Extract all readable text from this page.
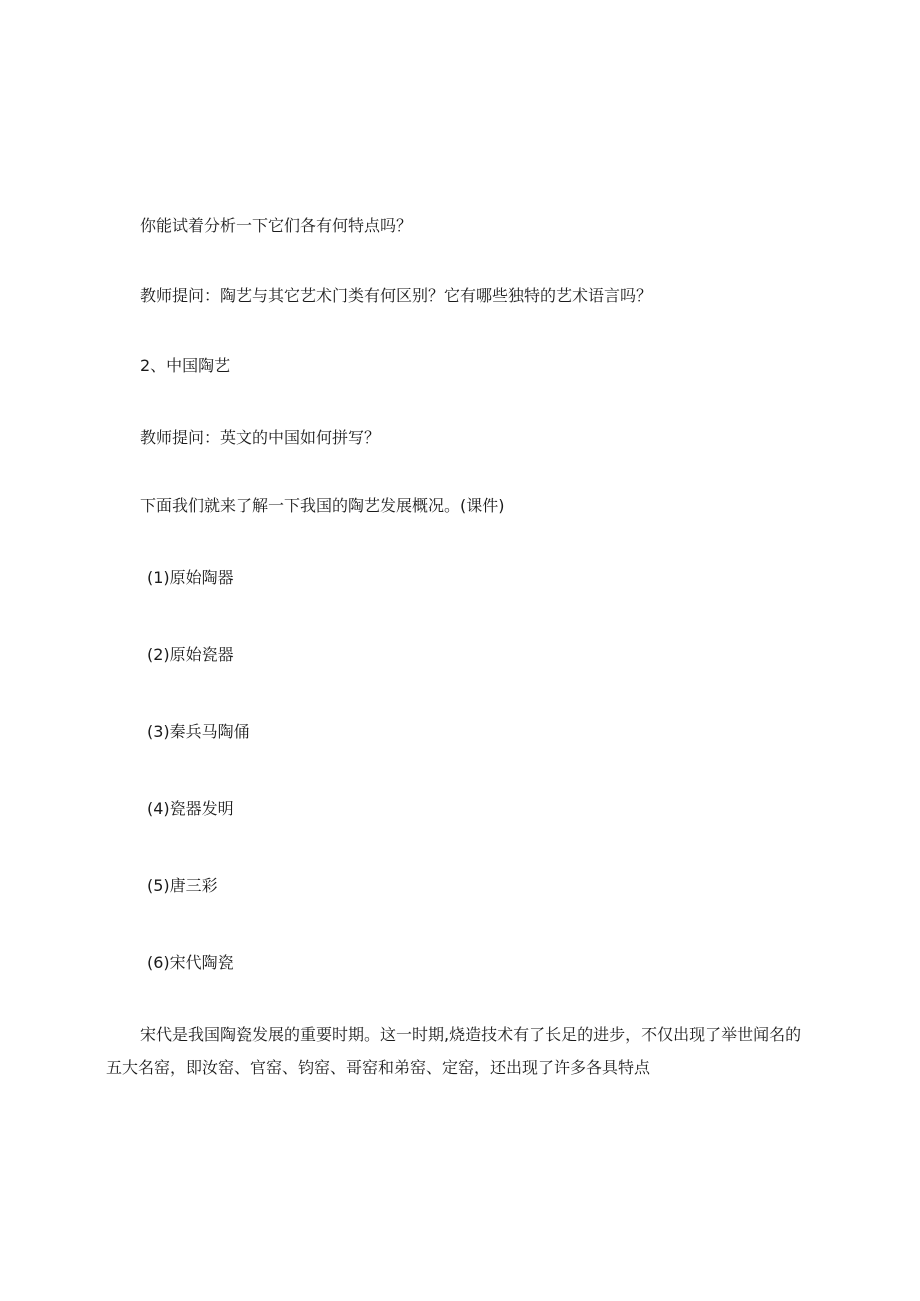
你能试着分析一下它们各有何特点吗？
教师提问：陶艺与其它艺术门类有何区别？它有哪些独特的艺术语言吗？
2、中国陶艺
教师提问：英文的中国如何拼写？
下面我们就来了解一下我国的陶艺发展概况。(课件)
(1)原始陶器
(2)原始瓷器
(3)秦兵马陶俑
(4)瓷器发明
(5)唐三彩
(6)宋代陶瓷
宋代是我国陶瓷发展的重要时期。这一时期,烧造技术有了长足的进步，不仅出现了举世闻名的五大名窑，即汝窑、官窑、钧窑、哥窑和弟窑、定窑，还出现了许多各具特点
